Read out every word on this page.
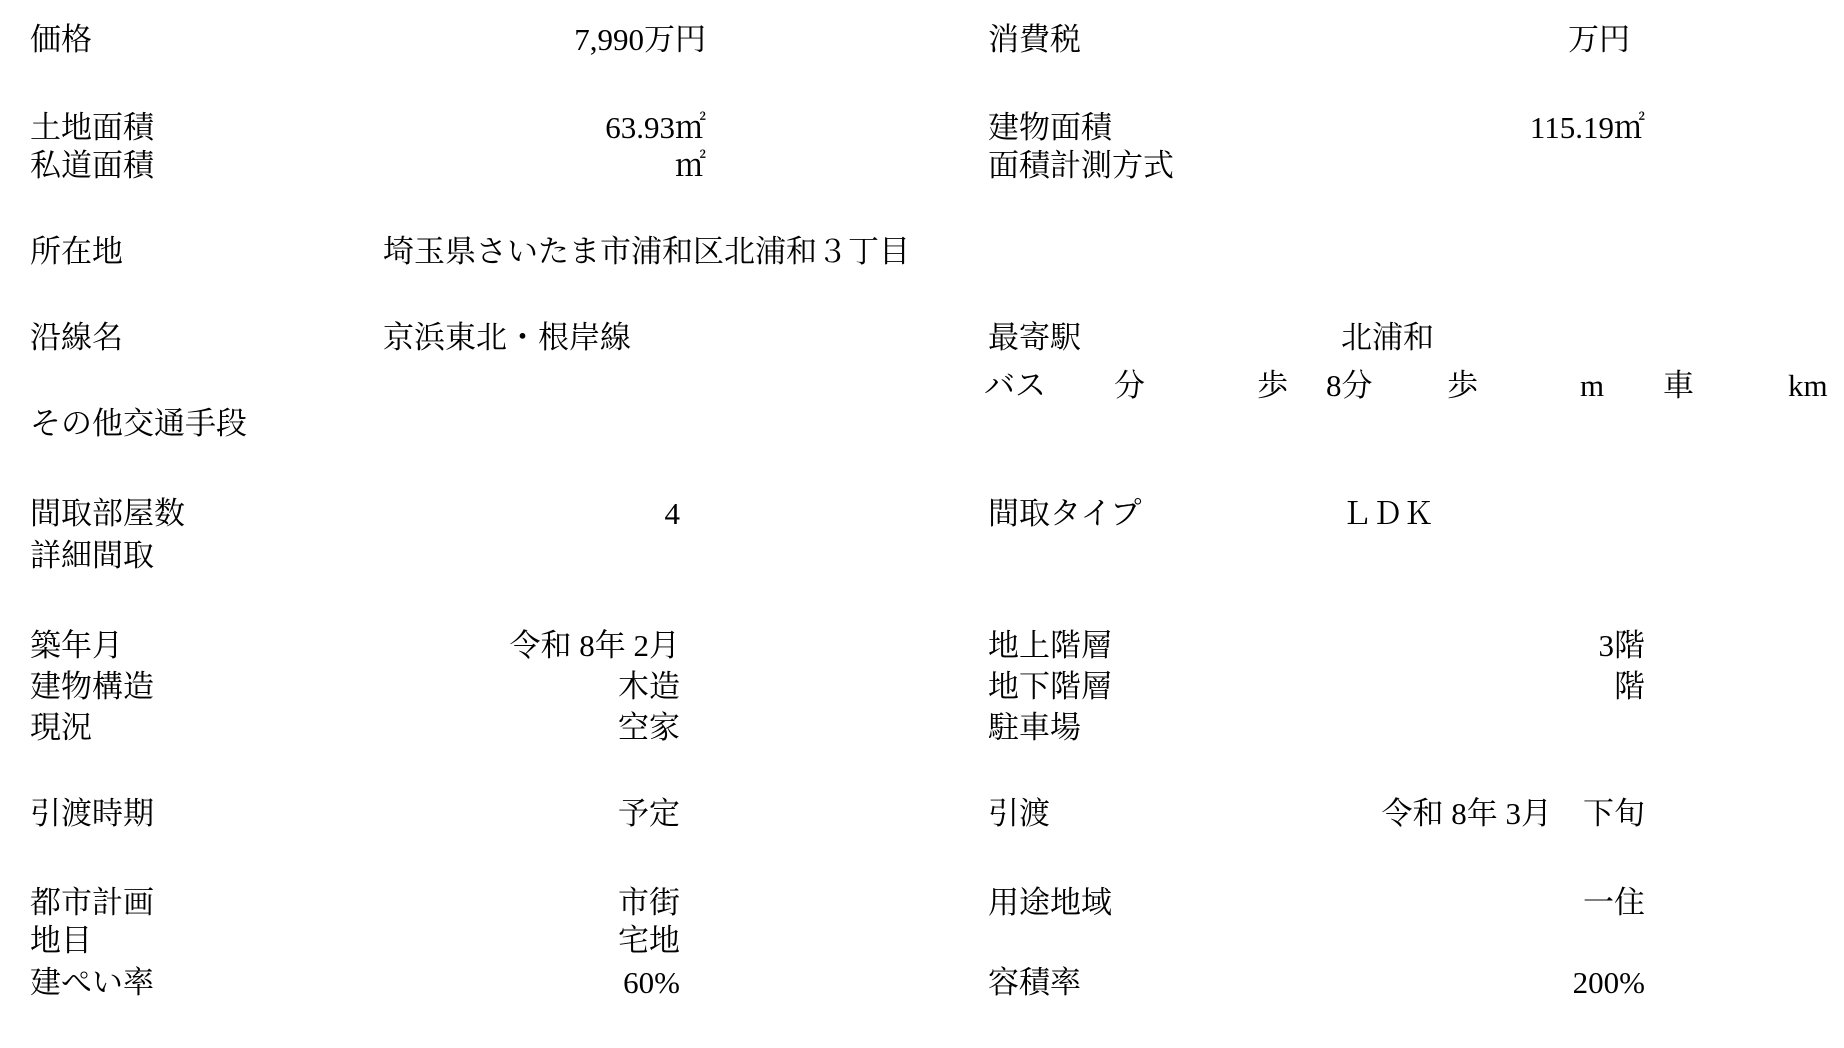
価格	7,990万円	消費税	万円
土地面積	63.93㎡	建物面積	115.19㎡
私道面積	㎡	面積計測方式
所在地	埼玉県さいたま市浦和区北浦和３丁目
沿線名	京浜東北・根岸線	最寄駅	北浦和
バス 分	歩 8分 歩	m 車	km
その他交通手段
間取部屋数	4	間取タイプ	ＬＤＫ
詳細間取
築年月	令和 8年 2月	地上階層	3階
建物構造	木造	地下階層	階
現況	空家	駐車場
引渡時期	予定	引渡	令和 8年 3月　下旬
都市計画	市街	用途地域	一住
地目	宅地
建ぺい率	60%	容積率	200%
